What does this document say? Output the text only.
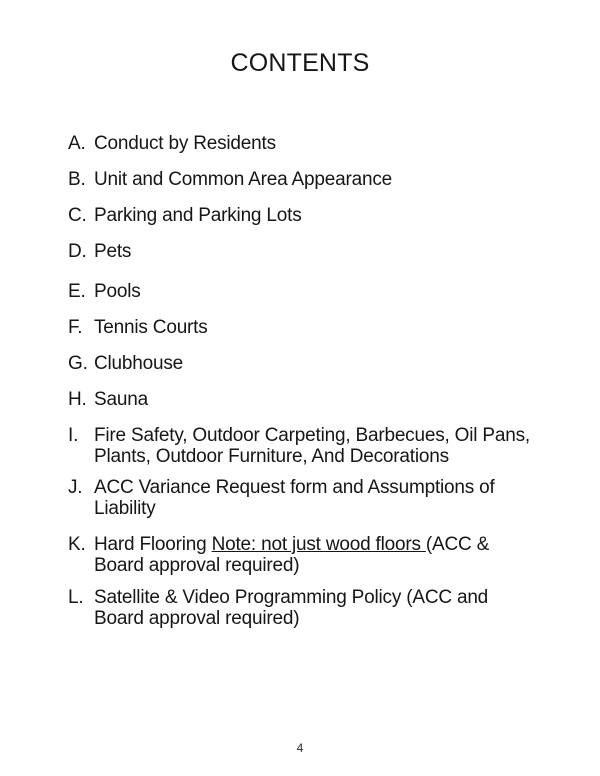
CONTENTS
A. Conduct by Residents
B. Unit and Common Area Appearance
C. Parking and Parking Lots
D. Pets
E. Pools
F. Tennis Courts
G. Clubhouse
H. Sauna
I. Fire Safety, Outdoor Carpeting, Barbecues, Oil Pans,
Plants, Outdoor Furniture, And Decorations
J. ACC Variance Request form and Assumptions of Liability
K. Hard Flooring Note: not just wood floors (ACC &
Board approval required)
L. Satellite & Video Programming Policy (ACC and
Board approval required)
4
